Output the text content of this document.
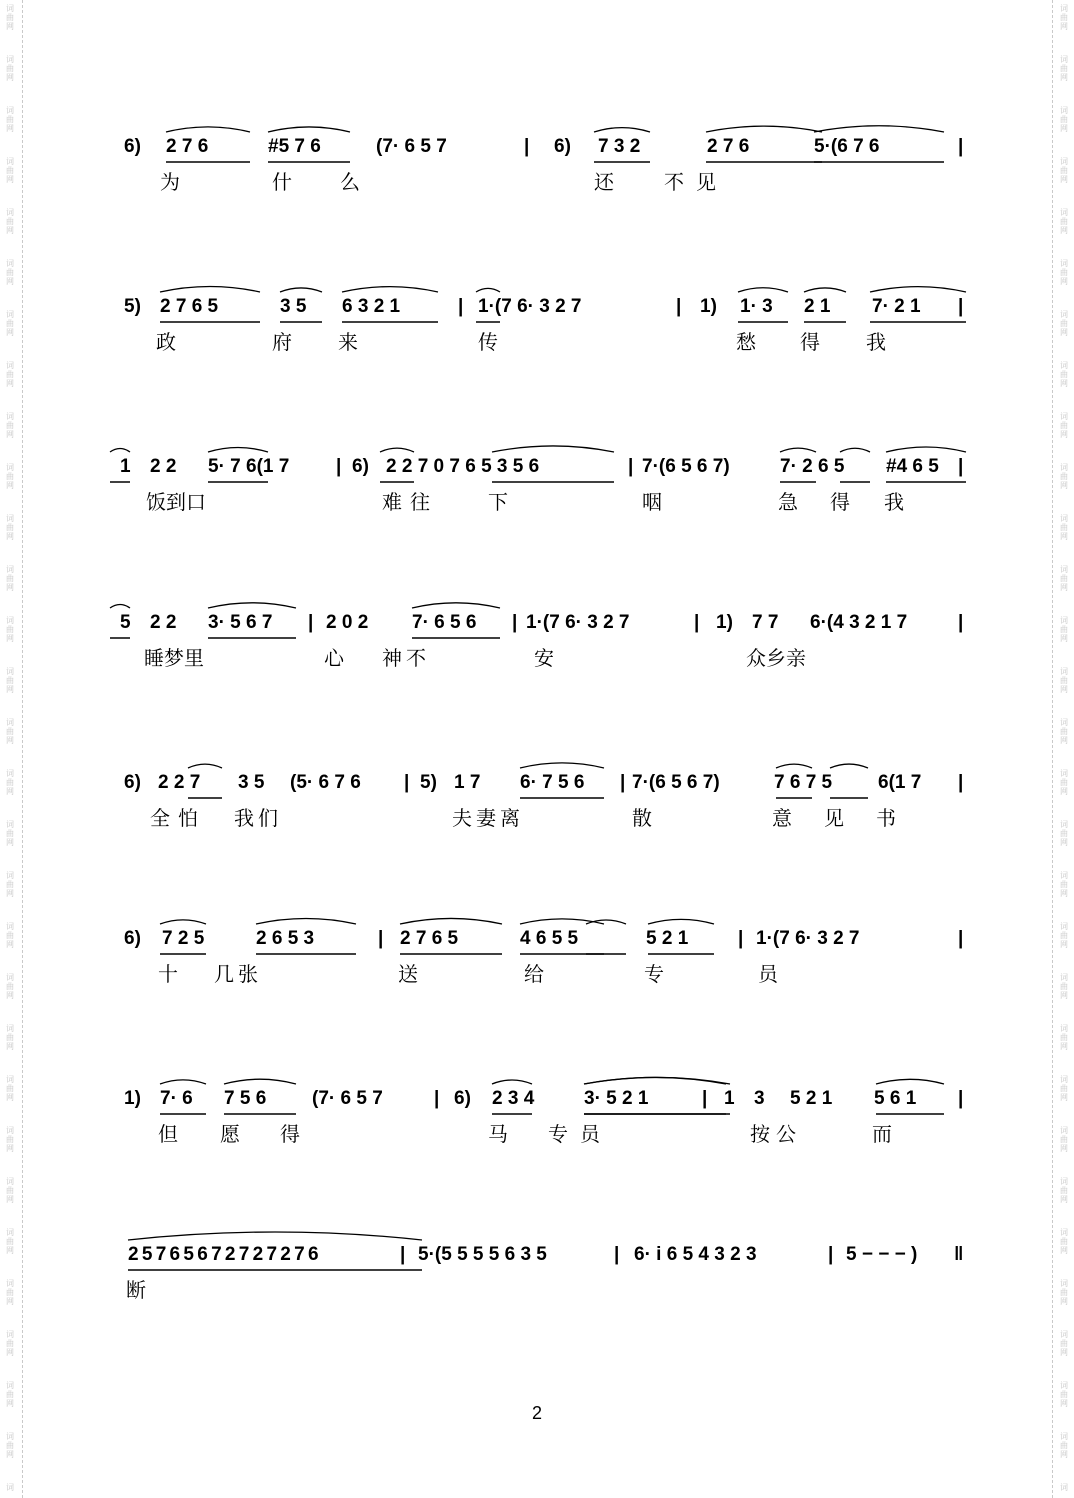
词
曲
网
词
曲
网
词
曲
网
词
曲
网
词
曲
网
词
曲
网
词
曲
网
词
曲
网
词
曲
网
词
曲
网
词
曲
网
词
曲
网
词
曲
网
词
曲
网
词
曲
网
词
曲
网
词
曲
网
词
曲
网
词
曲
网
词
曲
网
词
曲
网
词
曲
网
词
曲
网
词
曲
网
词
曲
网
词
曲
网
词
曲
网
词
曲
网
词
曲
网
词
词
曲
网
词
曲
网
词
曲
网
词
曲
网
词
曲
网
词
曲
网
词
曲
网
词
曲
网
词
曲
网
词
曲
网
词
曲
网
词
曲
网
词
曲
网
词
曲
网
词
曲
网
词
曲
网
词
曲
网
词
曲
网
词
曲
网
词
曲
网
词
曲
网
词
曲
网
词
曲
网
词
曲
网
词
曲
网
词
曲
网
词
曲
网
词
曲
网
词
曲
网
词
6) 2 7 6	#5 7 6	(7· 6 5 7	| 6) 7 3 2	2 7 6	5·(6 7 6	|
为	什 么	还	不见
5) 2 7 6 5	3 5 6 3 2 1	| 1·(7 6· 3 2 7	| 1) 1· 3 2 1 7· 2 1 |
政	府 来	传	愁 得 我
1 2 2 5· 7 6(1 7 | 6) 2 2 7 0 7 6 5 3 5 6	| 7·(6 5 6 7)	7· 2 6 5 #4 6 5 |
饭到口	难往	下	咽	急 得 我
5 2 2 3· 5 6 7 | 2 0 2 7· 6 5 6 | 1·(7 6· 3 2 7	| 1) 7 7 6·(4 3 2 1 7	|
睡梦里	心 神不	安	众乡亲
6) 2 2 7 3 5 (5· 6 7 6 | 5) 1 7 6· 7 5 6 | 7·(6 5 6 7)	7 6 7 5 6(1 7 |
全怕 我们	夫妻离	散	意 见 书
6) 7 2 5	2 6 5 3	| 2 7 6 5	4 6 5 5	5 2 1	| 1·(7 6· 3 2 7	|
十 几张	送	给	专	员
1) 7· 6 7 5 6 (7· 6 5 7	| 6) 2 3 4	3· 5 2 1	| 1 3 5 2 1 5 6 1 |
但 愿 得	马 专员	按公	而
2 5 7 6 5 6 7 2 7 2 7 2 7 6	| 5·(5 5 5 5 6 3 5	| 6· i 6 5 4 3 2 3	| 5 − − − ) ‖
断
2
